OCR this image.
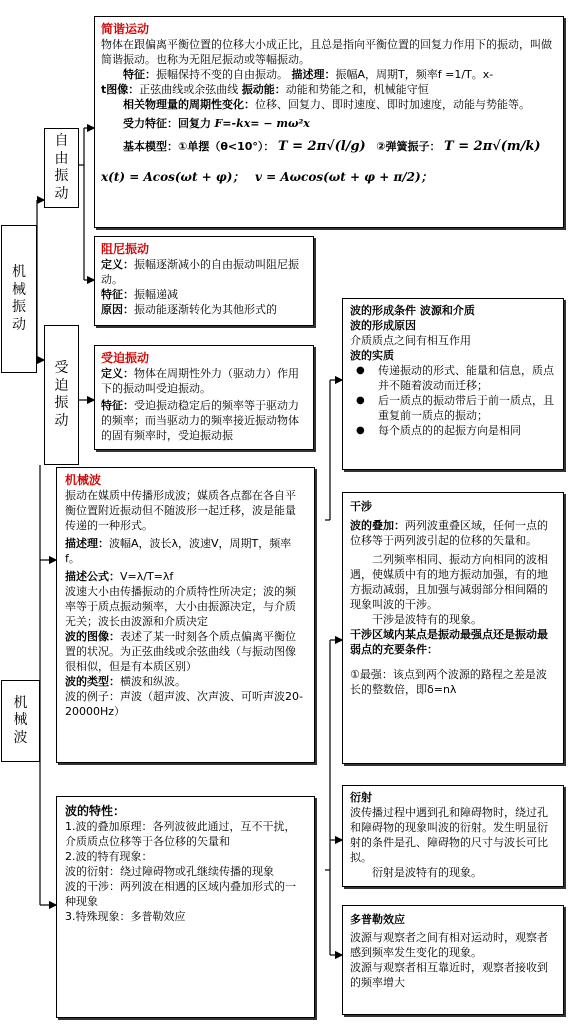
机械振动
自由振动
受迫振动
机械波

简谐运动

物体在跟偏离平衡位置的位移大小成正比，且总是指向平衡位置的回复力作用下的振动，叫做简谐振动。也称为无阻尼振动或等幅振动。

特征：振幅保持不变的自由振动。 描述理：振幅A，周期T，频率f =1/T。x-

t图像：正弦曲线或余弦曲线 振动能：动能和势能之和，机械能守恒

相关物理量的周期性变化：位移、回复力、即时速度、即时加速度，动能与势能等。

受力特征：回复力 F=-kx= − mω²x

基本模型：①单摆（θ<10°）： T = 2π√(l/g) ②弹簧振子： T = 2π√(m/k)

x(t) = Acos(ωt + φ)； v = Aωcos(ωt + φ + π/2)；

阻尼振动

定义：振幅逐渐减小的自由振动叫阻尼振动。

特征：振幅递减

原因：振动能逐渐转化为其他形式的

受迫振动

定义：物体在周期性外力（驱动力）作用下的振动叫受迫振动。

特征：受迫振动稳定后的频率等于驱动力的频率；而当驱动力的频率接近振动物体的固有频率时，受迫振动振

机械波

振动在媒质中传播形成波；媒质各点都在各自平衡位置附近振动但不随波形一起迁移，波是能量传递的一种形式。

描述理：波幅A，波长λ，波速V，周期T，频率f。

描述公式：V=λ/T=λf

波速大小由传播振动的介质特性所决定；波的频率等于质点振动频率，大小由振源决定，与介质无关；波长由波源和介质决定

波的图像：表述了某一时刻各个质点偏离平衡位置的状况。为正弦曲线或余弦曲线（与振动图像很相似，但是有本质区别）

波的类型：横波和纵波。

波的例子：声波（超声波、次声波、可听声波20-20000Hz）

波的特性：

1.波的叠加原理：各列波彼此通过，互不干扰，介质质点位移等于各位移的矢量和

2.波的特有现象：

波的衍射：绕过障碍物或孔继续传播的现象

波的干涉：两列波在相遇的区域内叠加形式的一种现象

3.特殊现象：多普勒效应

波的形成条件 波源和介质

波的形成原因

介质质点之间有相互作用

波的实质

● 传递振动的形式、能量和信息，质点并不随着波动而迁移；
● 后一质点的振动带后于前一质点，且重复前一质点的振动；
● 每个质点的的起振方向是相同

干涉

波的叠加：两列波重叠区域，任何一点的位移等于两列波引起的位移的矢量和。

二列频率相同、振动方向相同的波相遇，使媒质中有的地方振动加强，有的地方振动减弱，且加强与减弱部分相间隔的现象叫波的干涉。

干涉是波特有的现象。

干涉区域内某点是振动最强点还是振动最弱点的充要条件：

①最强：该点到两个波源的路程之差是波长的整数倍，即δ=nλ

衍射

波传播过程中遇到孔和障碍物时，绕过孔和障碍物的现象叫波的衍射。发生明显衍射的条件是孔、障碍物的尺寸与波长可比拟。

衍射是波特有的现象。

多普勒效应

波源与观察者之间有相对运动时，观察者感到频率发生变化的现象。

波源与观察者相互靠近时，观察者接收到的频率增大
